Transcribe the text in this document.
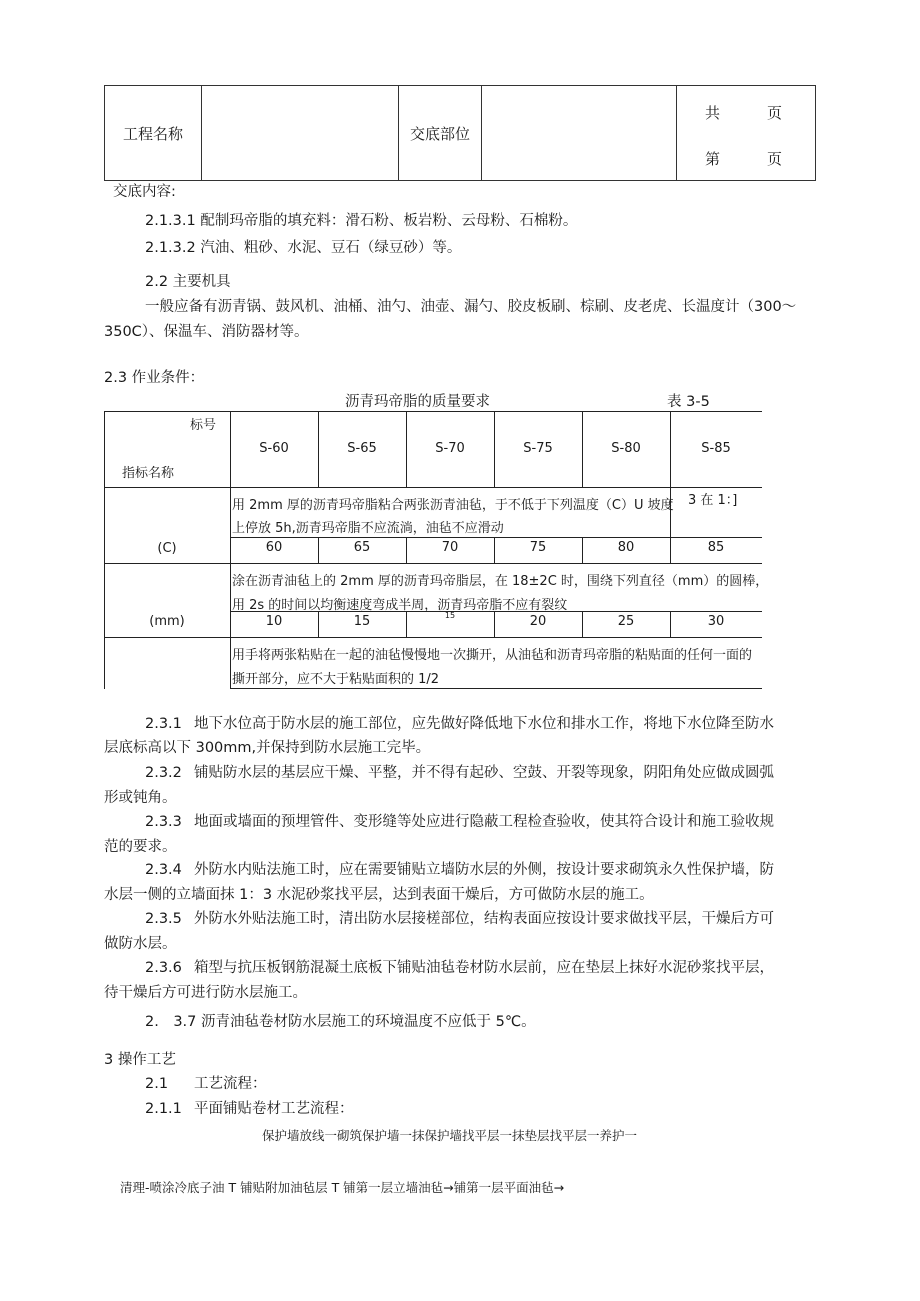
工程名称		交底部位		
共	页
第	页
交底内容:
2.1.3.1 配制玛帝脂的填充料：滑石粉、板岩粉、云母粉、石棉粉。
2.1.3.2 汽油、粗砂、水泥、豆石（绿豆砂）等。
2.2 主要机具
一般应备有沥青锅、鼓风机、油桶、油勺、油壶、漏勺、胶皮板刷、棕刷、皮老虎、长温度计（300～
350C）、保温车、消防器材等。
2.3 作业条件：
沥青玛帝脂的质量要求	表 3-5
标号
指标名称
S-60	S-65	S-70	S-75	S-80	S-85
用 2mm 厚的沥青玛帝脂粘合两张沥青油毡，于不低于下列温度（C）U 坡度
上停放 5h,沥青玛帝脂不应流淌，油毡不应滑动
3 在 1：]
(C)	60	65	70	75	80	85
涂在沥青油毡上的 2mm 厚的沥青玛帝脂层，在 18±2C 时，围绕下列直径（mm）的圆棒，
用 2s 的时间以均衡速度弯成半周，沥青玛帝脂不应有裂纹
(mm)	10	15	15	20	25	30
用手将两张粘贴在一起的油毡慢慢地一次撕开，从油毡和沥青玛帝脂的粘贴面的任何一面的
撕开部分，应不大于粘贴面积的 1/2
2.3.1 地下水位高于防水层的施工部位，应先做好降低地下水位和排水工作，将地下水位降至防水
层底标高以下 300mm,并保持到防水层施工完毕。
2.3.2 铺贴防水层的基层应干燥、平整，并不得有起砂、空鼓、开裂等现象，阴阳角处应做成圆弧
形或钝角。
2.3.3 地面或墙面的预埋管件、变形缝等处应进行隐蔽工程检查验收，使其符合设计和施工验收规
范的要求。
2.3.4 外防水内贴法施工时，应在需要铺贴立墙防水层的外侧，按设计要求砌筑永久性保护墙，防
水层一侧的立墙面抹 1：3 水泥砂浆找平层，达到表面干燥后，方可做防水层的施工。
2.3.5 外防水外贴法施工时，清出防水层接槎部位，结构表面应按设计要求做找平层，干燥后方可
做防水层。
2.3.6 箱型与抗压板钢筋混凝土底板下铺贴油毡卷材防水层前，应在垫层上抹好水泥砂浆找平层，
待干燥后方可进行防水层施工。
2.　3.7 沥青油毡卷材防水层施工的环境温度不应低于 5℃。
3 操作工艺
2.1 工艺流程：
2.1.1 平面铺贴卷材工艺流程：
保护墙放线一砌筑保护墙一抹保护墙找平层一抹垫层找平层一养护一
清理-喷涂冷底子油 T 铺贴附加油毡层 T 铺第一层立墙油毡→铺第一层平面油毡→
